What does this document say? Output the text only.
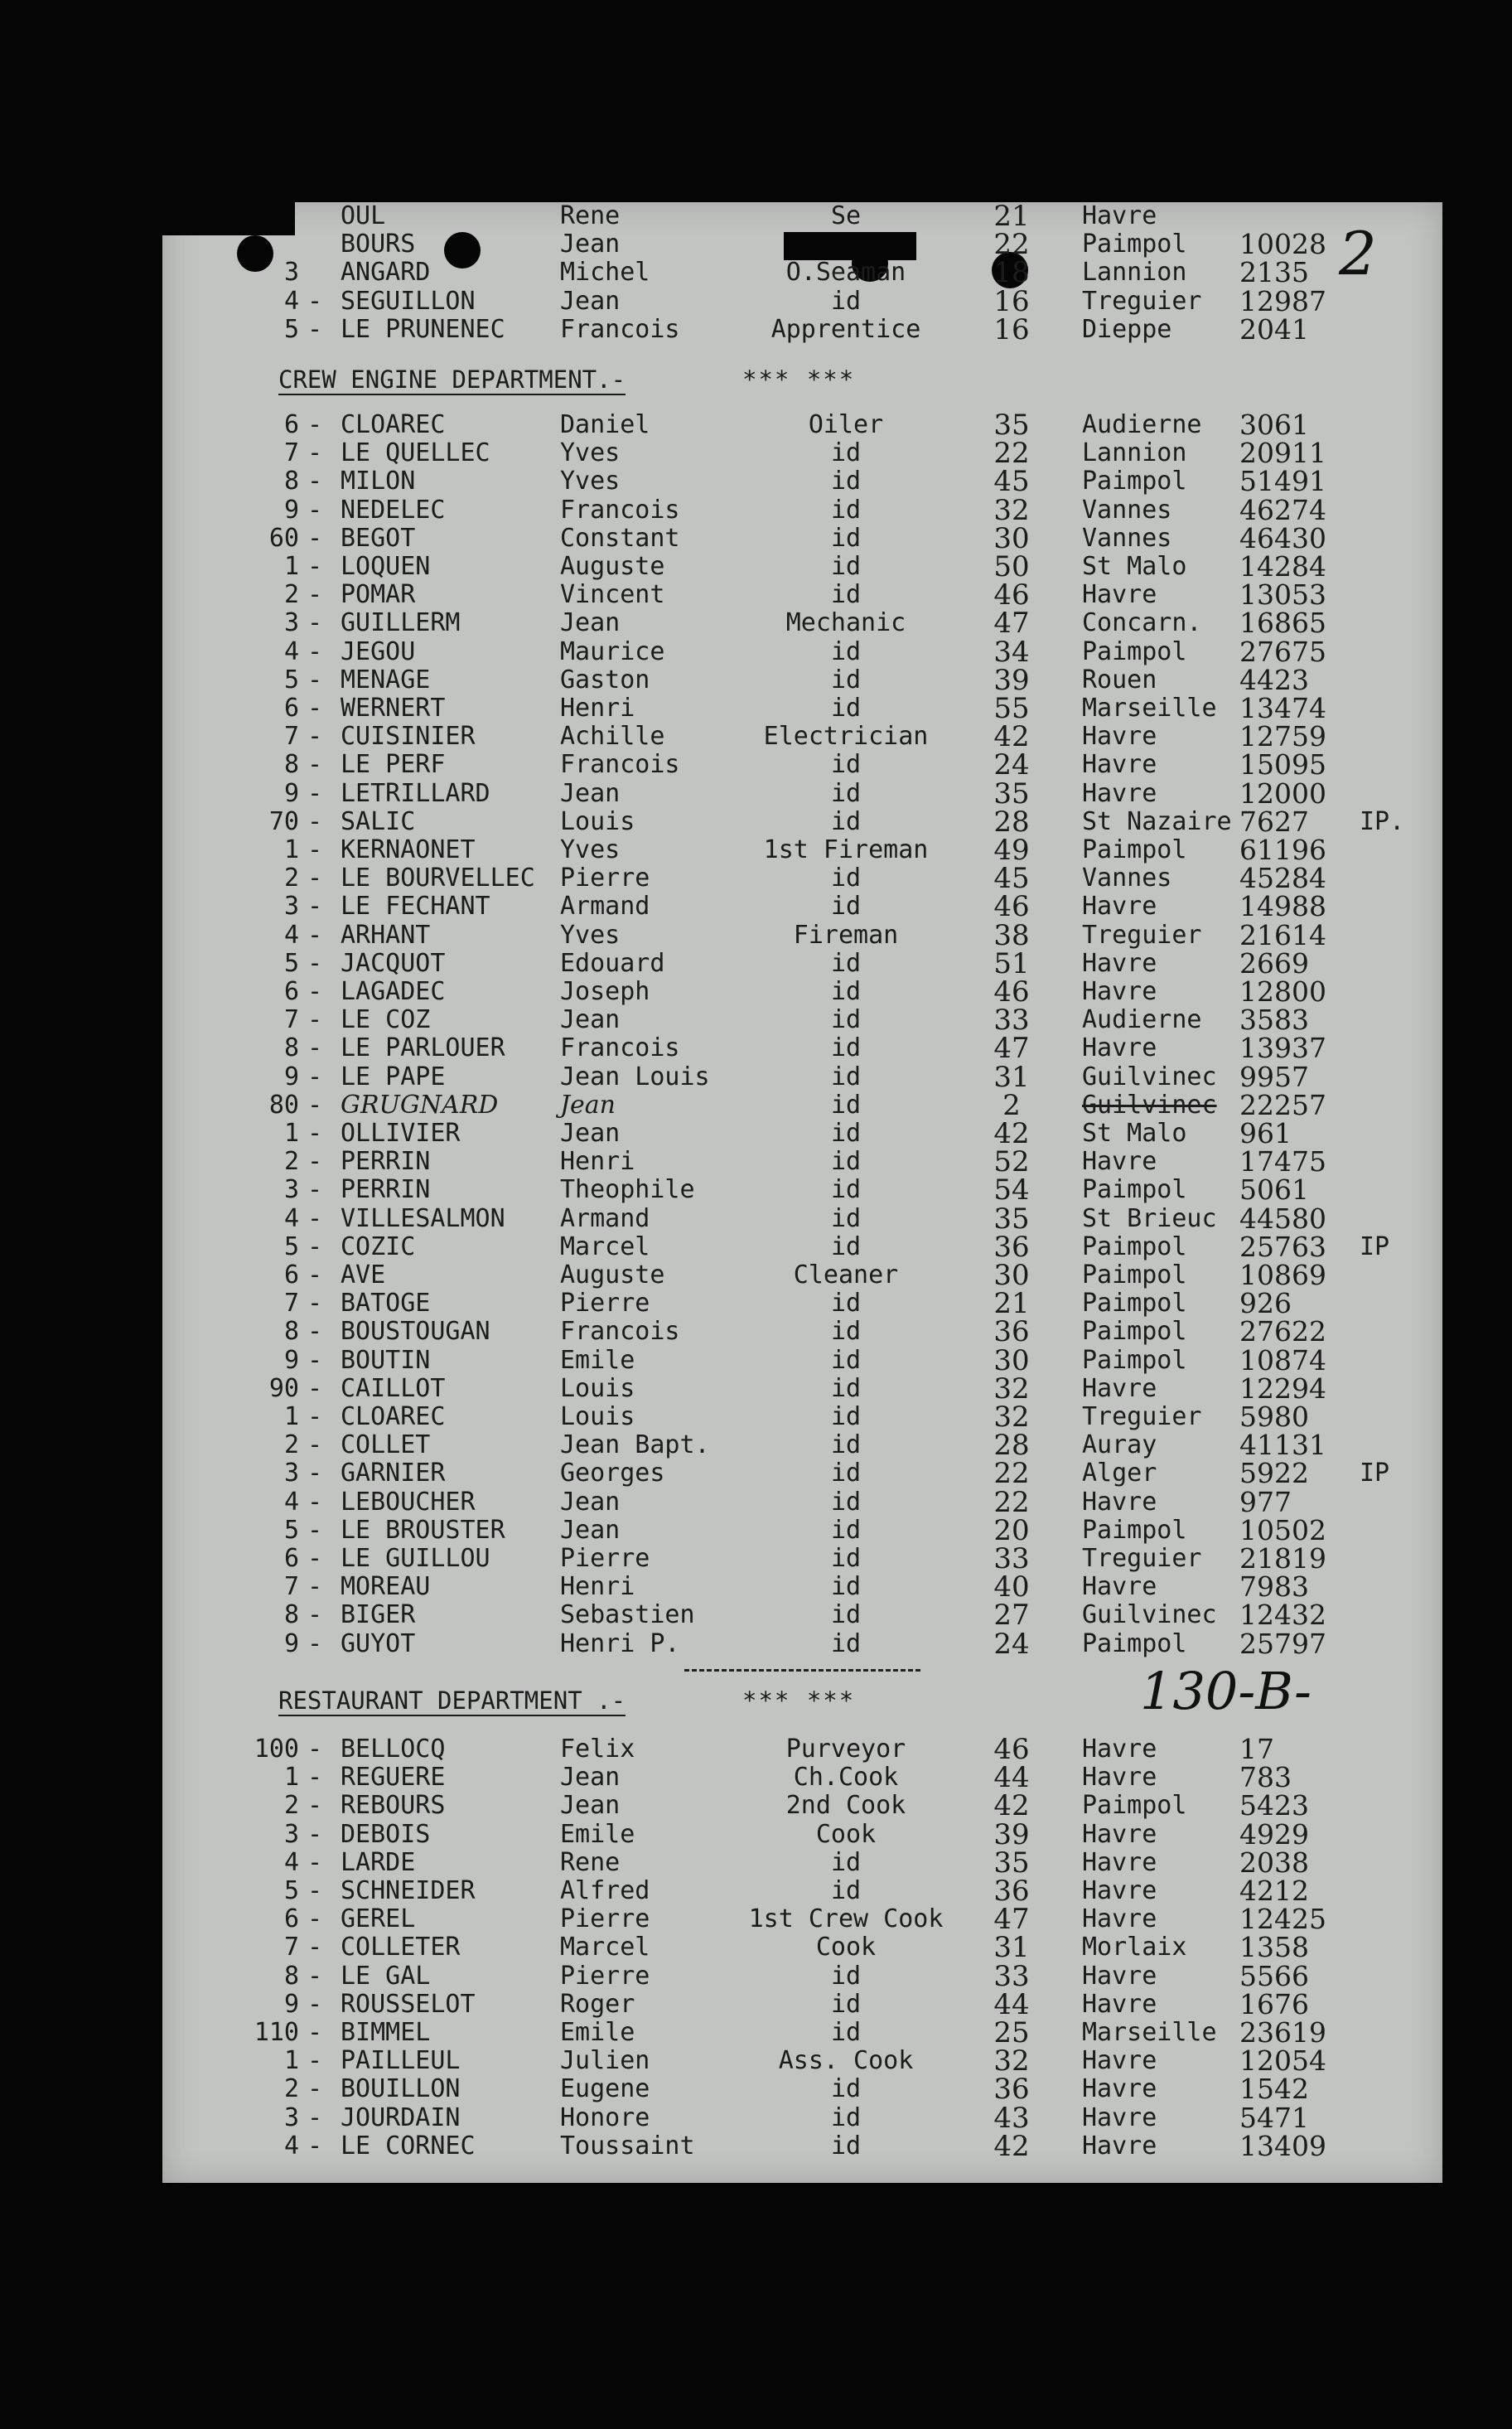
2
CREW ENGINE DEPARTMENT.-	*** ***
RESTAURANT DEPARTMENT .-	*** ***	130-B-
OUL	Rene	Se	21	Havre
BOURS	Jean	22	Paimpol 10028
3 ANGARD	Michel	O.Seaman	18	Lannion 2135
4 - SEGUILLON	Jean	id	16	Treguier 12987
5 - LE PRUNENEC Francois	Apprentice	16	Dieppe 2041
6 - CLOAREC	Daniel	Oiler	35	Audierne 3061
7 - LE QUELLEC	Yves	id	22	Lannion 20911
8 - MILON	Yves	id	45	Paimpol 51491
9 - NEDELEC	Francois	id	32	Vannes 46274
60 - BEGOT	Constant	id	30	Vannes 46430
1 - LOQUEN	Auguste	id	50	St Malo 14284
2 - POMAR	Vincent	id	46	Havre	13053
3 - GUILLERM	Jean	Mechanic	47	Concarn. 16865
4 - JEGOU	Maurice	id	34	Paimpol 27675
5 - MENAGE	Gaston	id	39	Rouen	4423
6 - WERNERT	Henri	id	55	Marseille 13474
7 - CUISINIER	Achille	Electrician	42	Havre	12759
8 - LE PERF	Francois	id	24	Havre	15095
9 - LETRILLARD	Jean	id	35	Havre	12000
70 - SALIC	Louis	id	28	St Nazaire 7627 IP.
1 - KERNAONET	Yves	1st Fireman	49	Paimpol 61196
2 - LE BOURVELLEC Pierre	id	45	Vannes 45284
3 - LE FECHANT	Armand	id	46	Havre	14988
4 - ARHANT	Yves	Fireman	38	Treguier 21614
5 - JACQUOT	Edouard	id	51	Havre	2669
6 - LAGADEC	Joseph	id	46	Havre	12800
7 - LE COZ	Jean	id	33	Audierne 3583
8 - LE PARLOUER Francois	id	47	Havre	13937
9 - LE PAPE	Jean Louis	id	31	Guilvinec 9957
80 - GRUGNARD Jean	id	2	Guilvinec 22257
1 - OLLIVIER	Jean	id	42	St Malo 961
2 - PERRIN	Henri	id	52	Havre	17475
3 - PERRIN	Theophile	id	54	Paimpol 5061
4 - VILLESALMON Armand	id	35	St Brieuc 44580
5 - COZIC	Marcel	id	36	Paimpol 25763 IP
6 - AVE	Auguste	Cleaner	30	Paimpol 10869
7 - BATOGE	Pierre	id	21	Paimpol 926
8 - BOUSTOUGAN	Francois	id	36	Paimpol 27622
9 - BOUTIN	Emile	id	30	Paimpol 10874
90 - CAILLOT	Louis	id	32	Havre	12294
1 - CLOAREC	Louis	id	32	Treguier 5980
2 - COLLET	Jean Bapt.	id	28	Auray	41131
3 - GARNIER	Georges	id	22	Alger	5922 IP
4 - LEBOUCHER	Jean	id	22	Havre	977
5 - LE BROUSTER Jean	id	20	Paimpol 10502
6 - LE GUILLOU	Pierre	id	33	Treguier 21819
7 - MOREAU	Henri	id	40	Havre	7983
8 - BIGER	Sebastien	id	27	Guilvinec 12432
9 - GUYOT	Henri P.	id	24	Paimpol 25797
100 - BELLOCQ	Felix	Purveyor	46	Havre	17
1 - REGUERE	Jean	Ch.Cook	44	Havre	783
2 - REBOURS	Jean	2nd Cook	42	Paimpol 5423
3 - DEBOIS	Emile	Cook	39	Havre	4929
4 - LARDE	Rene	id	35	Havre	2038
5 - SCHNEIDER	Alfred	id	36	Havre	4212
6 - GEREL	Pierre	1st Crew Cook	47	Havre	12425
7 - COLLETER	Marcel	Cook	31	Morlaix 1358
8 - LE GAL	Pierre	id	33	Havre	5566
9 - ROUSSELOT	Roger	id	44	Havre	1676
110 - BIMMEL	Emile	id	25	Marseille 23619
1 - PAILLEUL	Julien	Ass. Cook	32	Havre	12054
2 - BOUILLON	Eugene	id	36	Havre	1542
3 - JOURDAIN	Honore	id	43	Havre	5471
4 - LE CORNEC	Toussaint	id	42	Havre	13409
